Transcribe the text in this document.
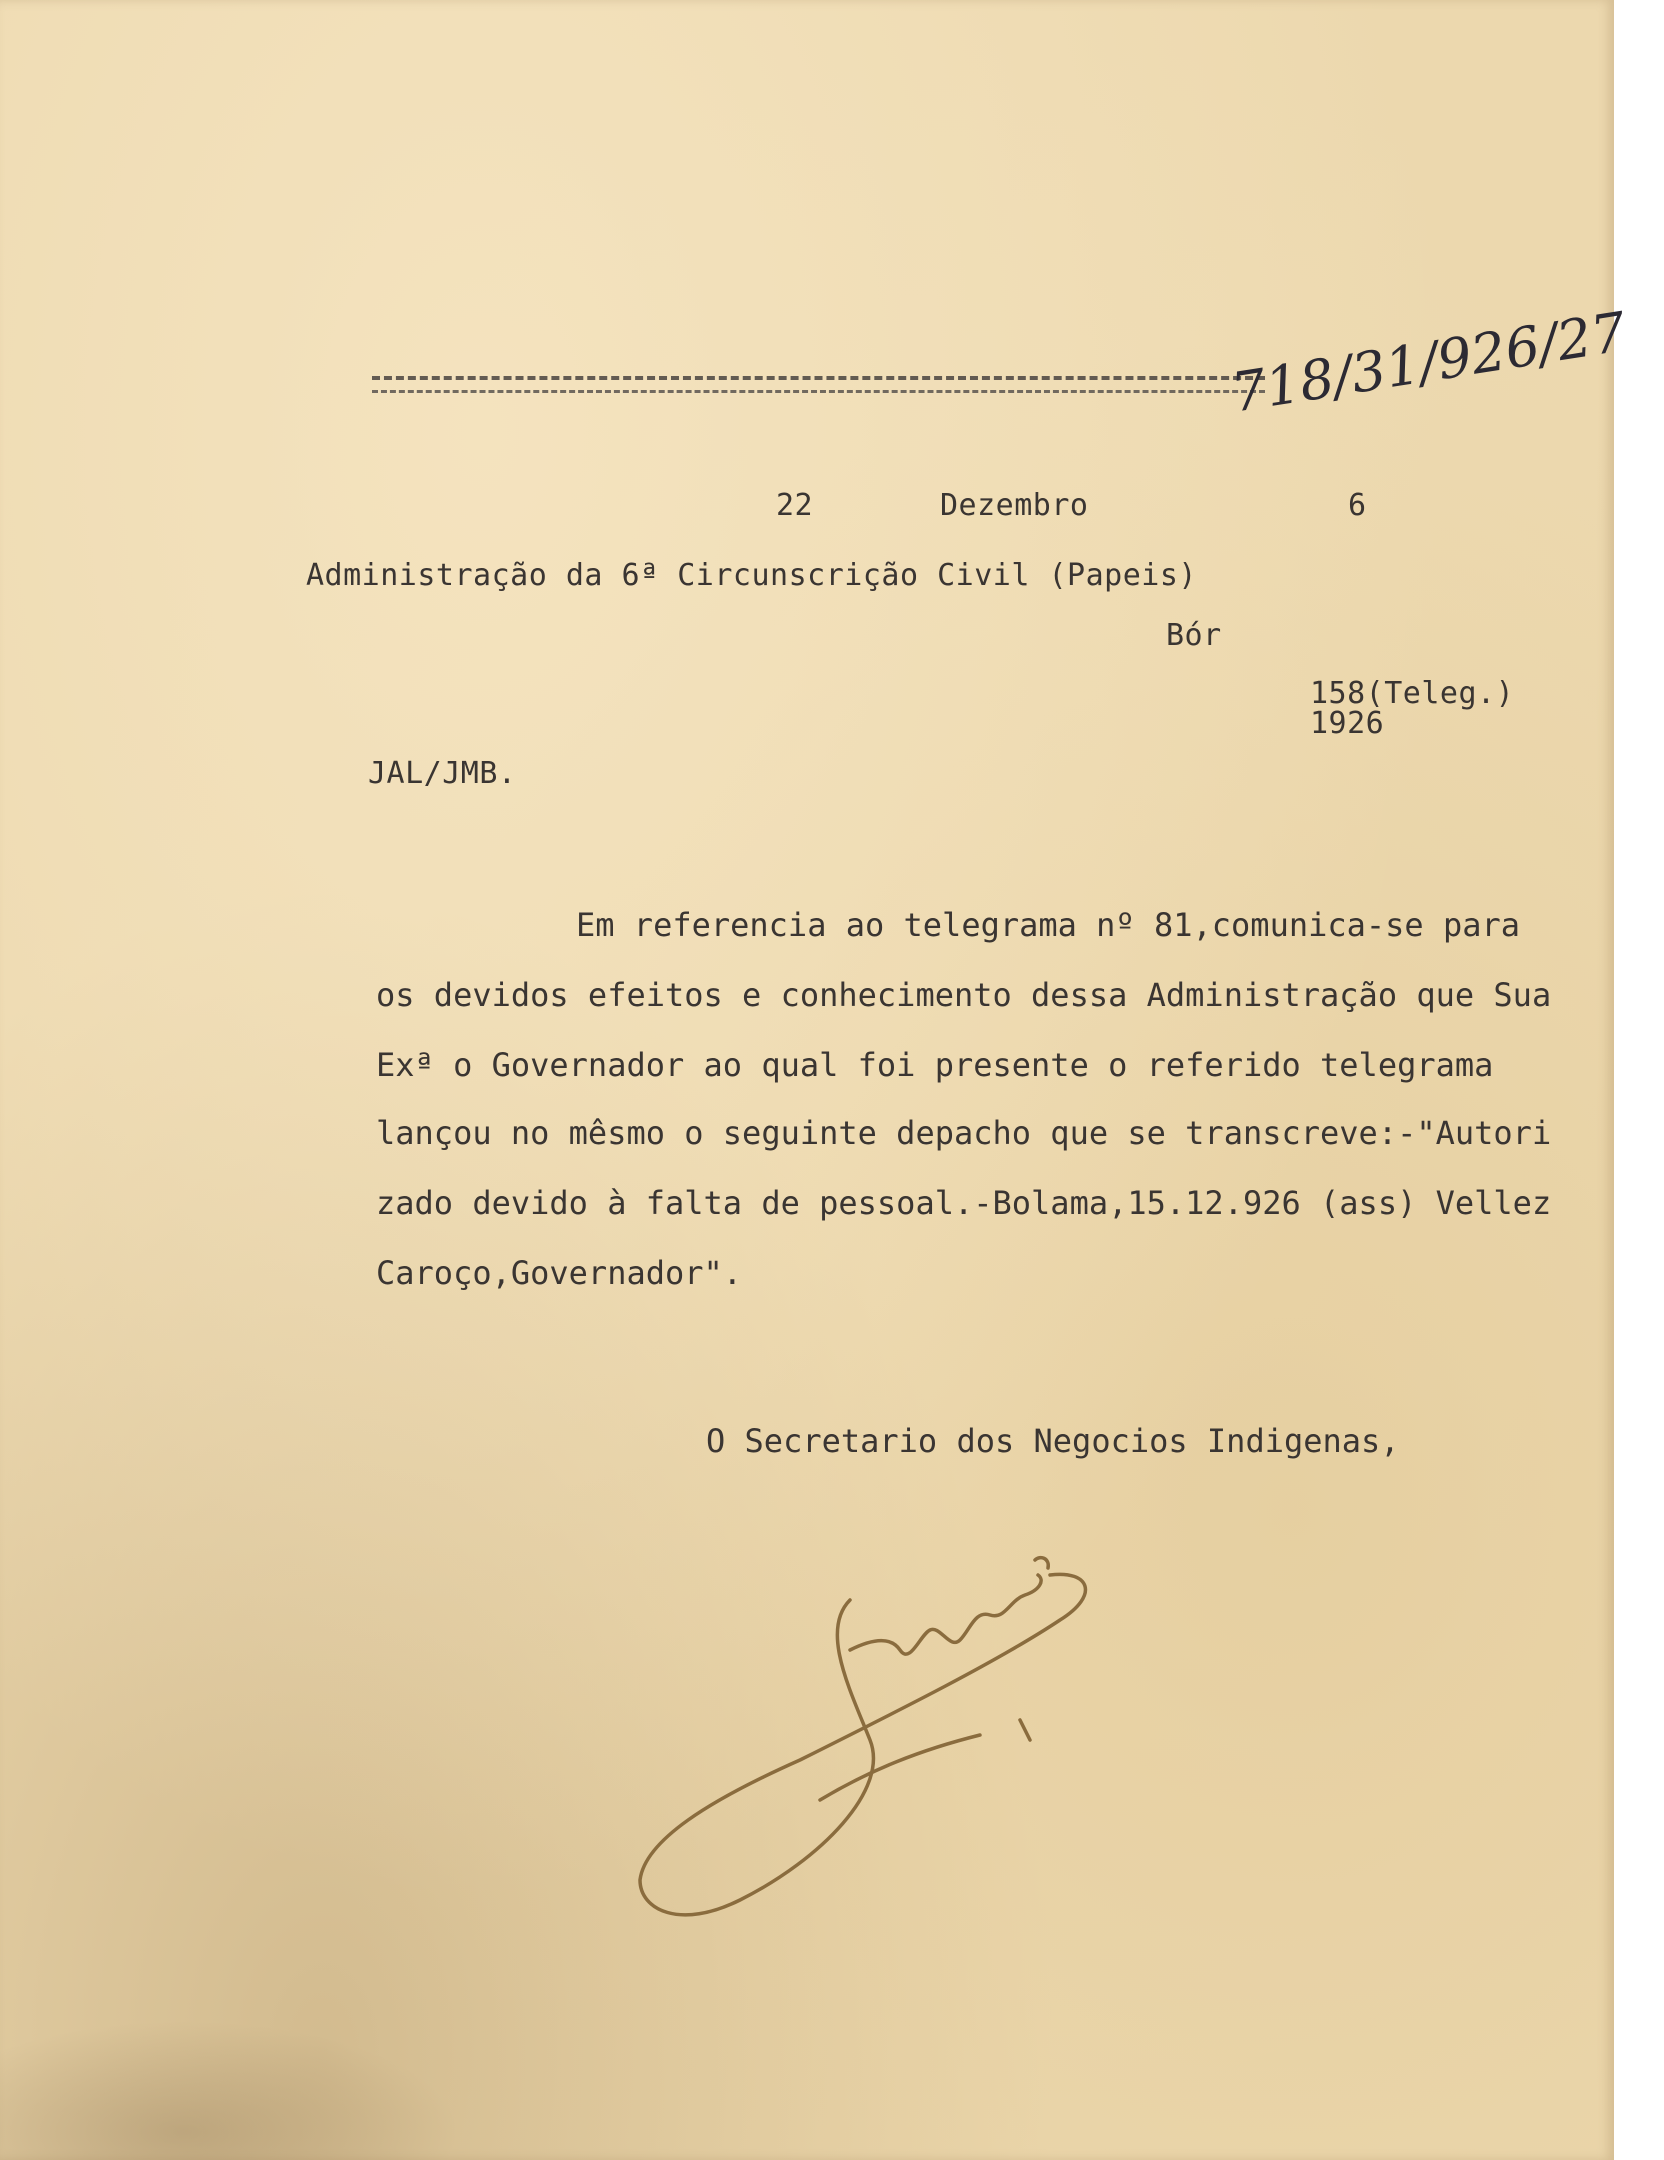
718/31/926/27
22	Dezembro	6
Administração da 6ª Circunscrição Civil (Papeis)
Bór
158(Teleg.)
1926
JAL/JMB.
Em referencia ao telegrama nº 81,comunica-se para
os devidos efeitos e conhecimento dessa Administração que Sua
Exª o Governador ao qual foi presente o referido telegrama
lançou no mêsmo o seguinte depacho que se transcreve:-"Autori
zado devido à falta de pessoal.-Bolama,15.12.926 (ass) Vellez
Caroço,Governador".
O Secretario dos Negocios Indigenas,
